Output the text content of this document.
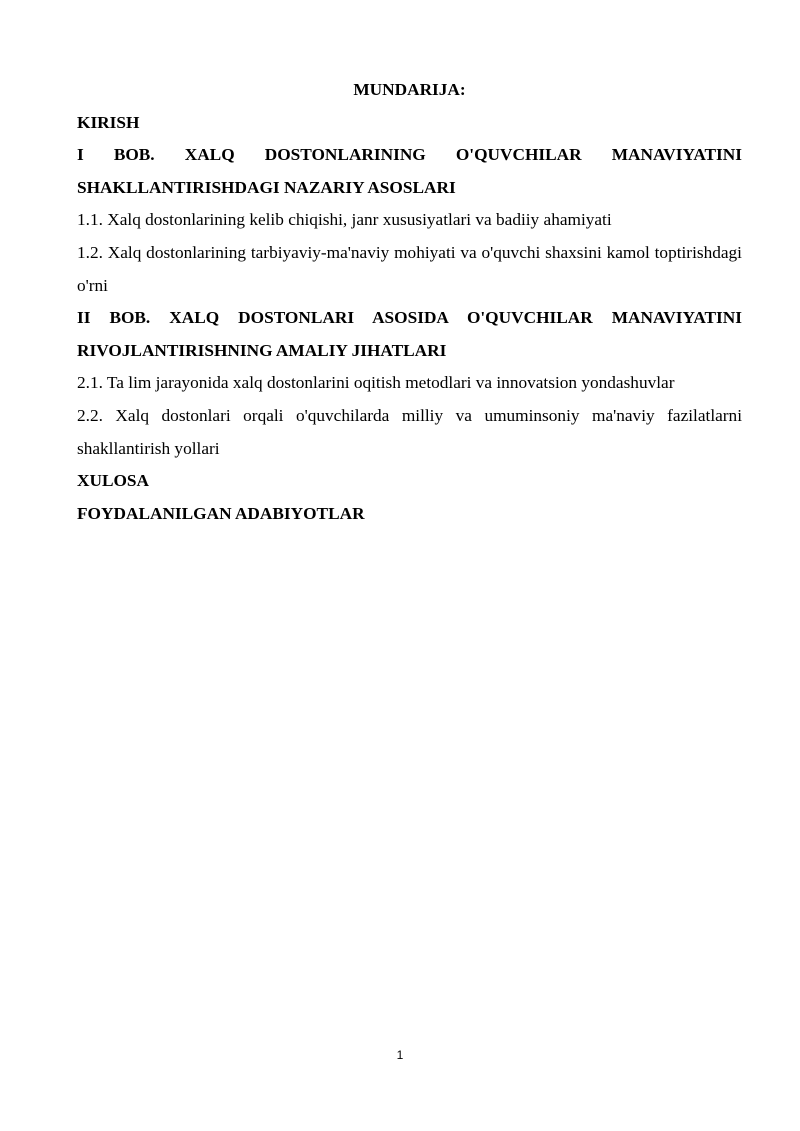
MUNDARIJA:

KIRISH

I BOB. XALQ DOSTONLARINING O'QUVCHILAR MANAVIYATINI SHAKLLANTIRISHDAGI NAZARIY ASOSLARI

1.1. Xalq dostonlarining kelib chiqishi, janr xususiyatlari va badiiy ahamiyati

1.2. Xalq dostonlarining tarbiyaviy-ma'naviy mohiyati va o'quvchi shaxsini kamol toptirishdagi o'rni

II BOB. XALQ DOSTONLARI ASOSIDA O'QUVCHILAR MANAVIYATINI RIVOJLANTIRISHNING AMALIY JIHATLARI

2.1. Ta lim jarayonida xalq dostonlarini oqitish metodlari va innovatsion yondashuvlar

2.2. Xalq dostonlari orqali o'quvchilarda milliy va umuminsoniy ma'naviy fazilatlarni shakllantirish yollari

XULOSA

FOYDALANILGAN ADABIYOTLAR

1
